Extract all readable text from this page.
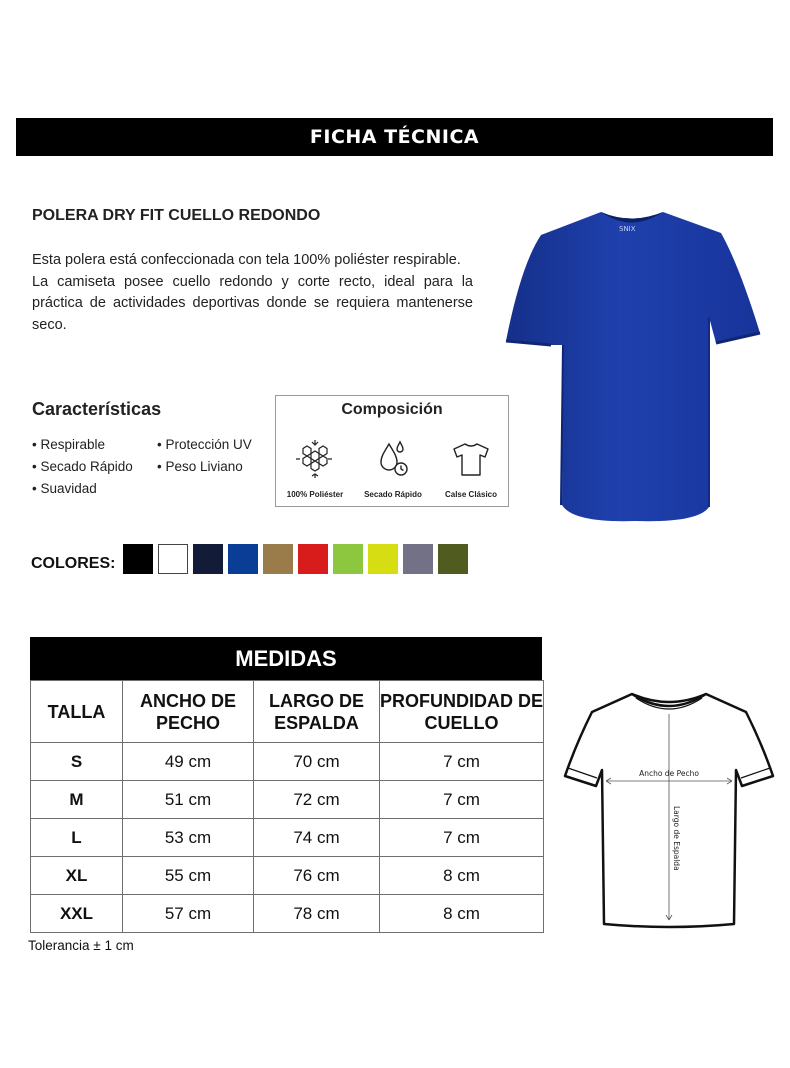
FICHA TÉCNICA
POLERA DRY FIT CUELLO REDONDO

Esta polera está confeccionada con tela 100% poliéster respirable.

La camiseta posee cuello redondo y corte recto, ideal para la práctica de actividades deportivas donde se requiera mantenerse seco.

Características
• Respirable	• Protección UV
• Secado Rápido	• Peso Liviano
• Suavidad
Composición
100% Poliéster	Secado Rápido	Calse Clásico
SNIX
COLORES:
MEDIDAS
TALLA	ANCHO DE PECHO	LARGO DE ESPALDA	PROFUNDIDAD DE CUELLO
S	49 cm	70 cm	7 cm
M	51 cm	72 cm	7 cm
L	53 cm	74 cm	7 cm
XL	55 cm	76 cm	8 cm
XXL	57 cm	78 cm	8 cm
Tolerancia ± 1 cm
Ancho de Pecho
Largo de Espalda
